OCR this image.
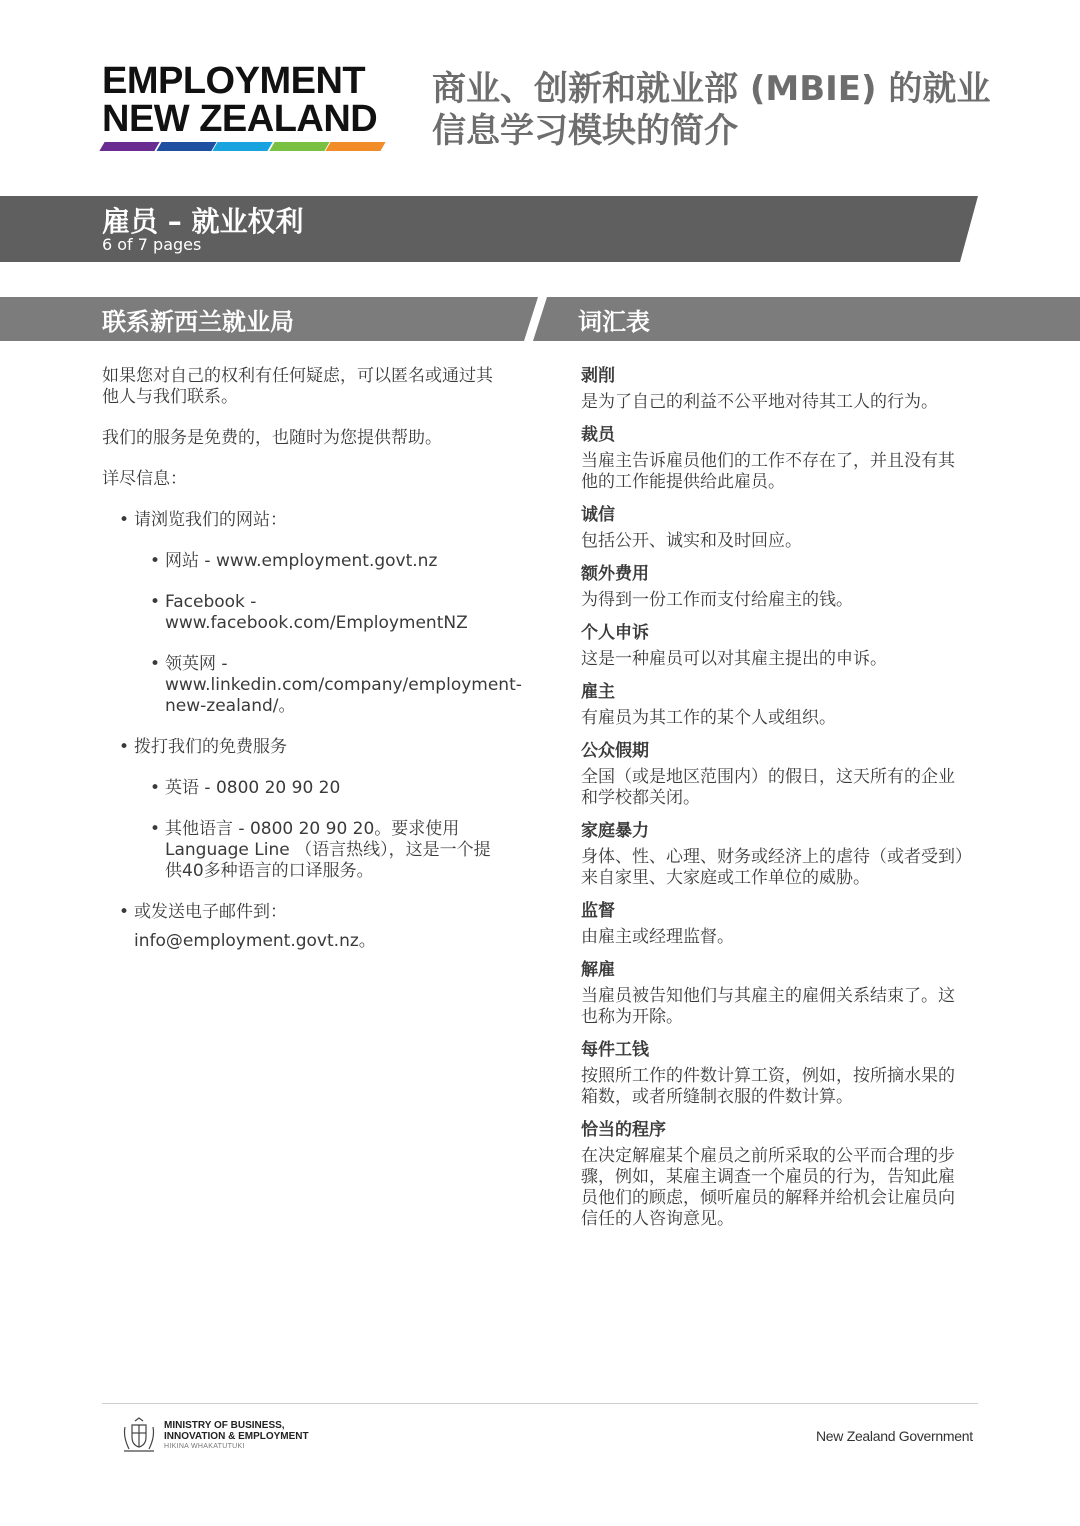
EMPLOYMENT
NEW ZEALAND
商业、创新和就业部 (MBIE) 的就业信息学习模块的简介
雇员 – 就业权利
6 of 7 pages
联系新西兰就业局	词汇表

如果您对自己的权利有任何疑虑，可以匿名或通过其他人与我们联系。

我们的服务是免费的，也随时为您提供帮助。

详尽信息：

• 请浏览我们的网站：
• 网站 - www.employment.govt.nz
• Facebook - www.facebook.com/EmploymentNZ
• 领英网 - www.linkedin.com/company/employment-new-zealand/。
• 拨打我们的免费服务
• 英语 - 0800 20 90 20
• 其他语言 - 0800 20 90 20。要求使用Language Line （语言热线），这是一个提供40多种语言的口译服务。
• 或发送电子邮件到：
info@employment.govt.nz。
剥削
是为了自己的利益不公平地对待其工人的行为。
裁员
当雇主告诉雇员他们的工作不存在了，并且没有其他的工作能提供给此雇员。
诚信
包括公开、诚实和及时回应。
额外费用
为得到一份工作而支付给雇主的钱。
个人申诉
这是一种雇员可以对其雇主提出的申诉。
雇主
有雇员为其工作的某个人或组织。
公众假期
全国（或是地区范围内）的假日，这天所有的企业和学校都关闭。
家庭暴力
身体、性、心理、财务或经济上的虐待（或者受到）来自家里、大家庭或工作单位的威胁。
监督
由雇主或经理监督。
解雇
当雇员被告知他们与其雇主的雇佣关系结束了。这也称为开除。
每件工钱
按照所工作的件数计算工资，例如，按所摘水果的箱数，或者所缝制衣服的件数计算。
恰当的程序
在决定解雇某个雇员之前所采取的公平而合理的步骤，例如，某雇主调查一个雇员的行为，告知此雇员他们的顾虑，倾听雇员的解释并给机会让雇员向信任的人咨询意见。
MINISTRY OF BUSINESS,
INNOVATION & EMPLOYMENT
HIKINA WHAKATUTUKI
New Zealand Government
